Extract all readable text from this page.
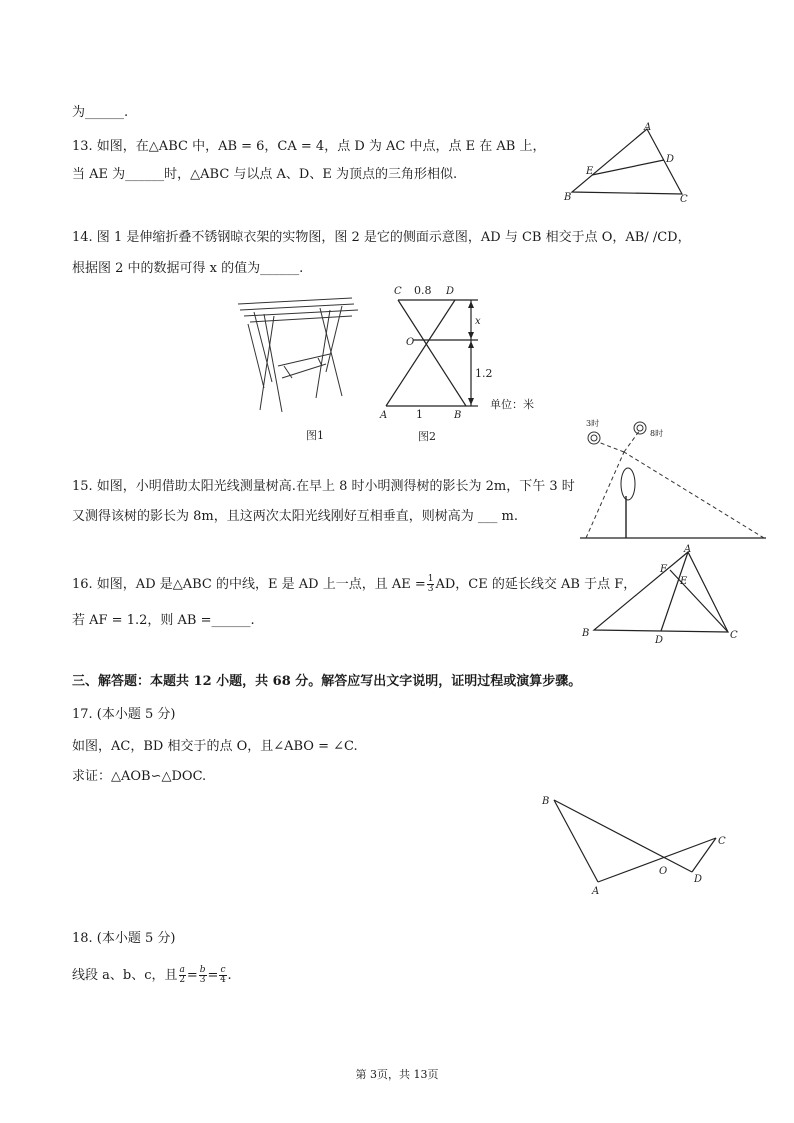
为______.
13. 如图，在△ABC 中，AB = 6，CA = 4，点 D 为 AC 中点，点 E 在 AB 上，
当 AE 为______时，△ABC 与以点 A、D、E 为顶点的三角形相似.
A
B	C
D
E
14. 图 1 是伸缩折叠不锈钢晾衣架的实物图，图 2 是它的侧面示意图，AD 与 CB 相交于点 O，AB/ /CD，
根据图 2 中的数据可得 x 的值为______.
图1
C 0.8 D
O
x
1.2
A	1	B
单位：米
图2
15. 如图，小明借助太阳光线测量树高.在早上 8 时小明测得树的影长为 2m，下午 3 时
又测得该树的影长为 8m，且这两次太阳光线刚好互相垂直，则树高为 ___ m.
3时
8时
16. 如图，AD 是△ABC 的中线，E 是 AD 上一点，且 AE = $\frac{1}{3}$ AD，CE 的延长线交 AB 于点 F，
若 AF = 1.2，则 AB =______.
A
B	C
D
E
F
三、解答题：本题共 12 小题，共 68 分。解答应写出文字说明，证明过程或演算步骤。
17. (本小题 5 分)
如图，AC，BD 相交于的点 O，且∠ABO = ∠C.
求证：△AOB∽△DOC.
B
A
C
D
O
18. (本小题 5 分)
线段 a、b、c，且 $\frac{a}{2} = \frac{b}{3} = \frac{c}{4}$ .
第 3页，共 13页
